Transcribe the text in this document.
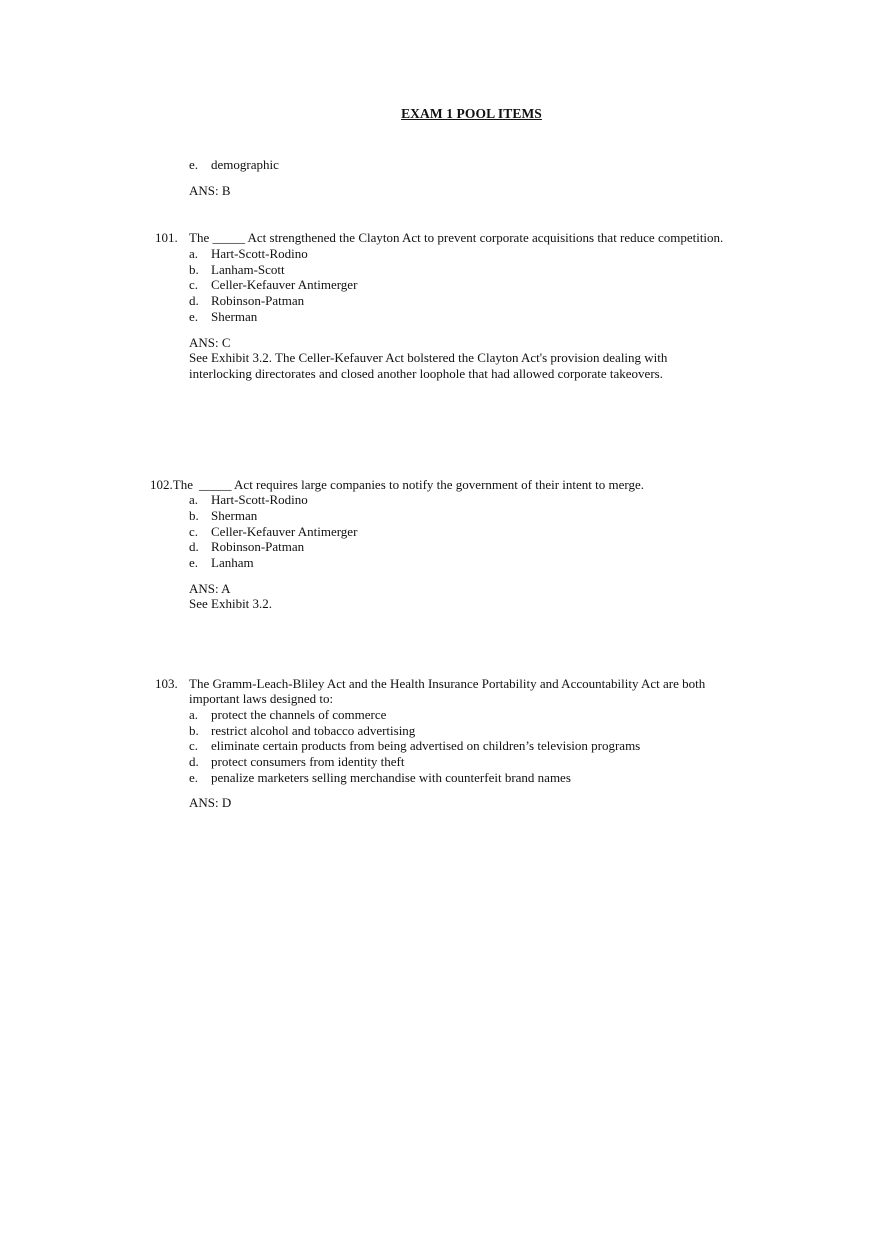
EXAM 1 POOL ITEMS
e. demographic
ANS: B
101. The _____ Act strengthened the Clayton Act to prevent corporate acquisitions that reduce competition.
a. Hart-Scott-Rodino
b. Lanham-Scott
c. Celler-Kefauver Antimerger
d. Robinson-Patman
e. Sherman
ANS: C
See Exhibit 3.2. The Celler-Kefauver Act bolstered the Clayton Act's provision dealing with
interlocking directorates and closed another loophole that had allowed corporate takeovers.
102.The _____ Act requires large companies to notify the government of their intent to merge.
a. Hart-Scott-Rodino
b. Sherman
c. Celler-Kefauver Antimerger
d. Robinson-Patman
e. Lanham
ANS: A
See Exhibit 3.2.
103. The Gramm-Leach-Bliley Act and the Health Insurance Portability and Accountability Act are both
important laws designed to:
a. protect the channels of commerce
b. restrict alcohol and tobacco advertising
c. eliminate certain products from being advertised on children’s television programs
d. protect consumers from identity theft
e. penalize marketers selling merchandise with counterfeit brand names
ANS: D
